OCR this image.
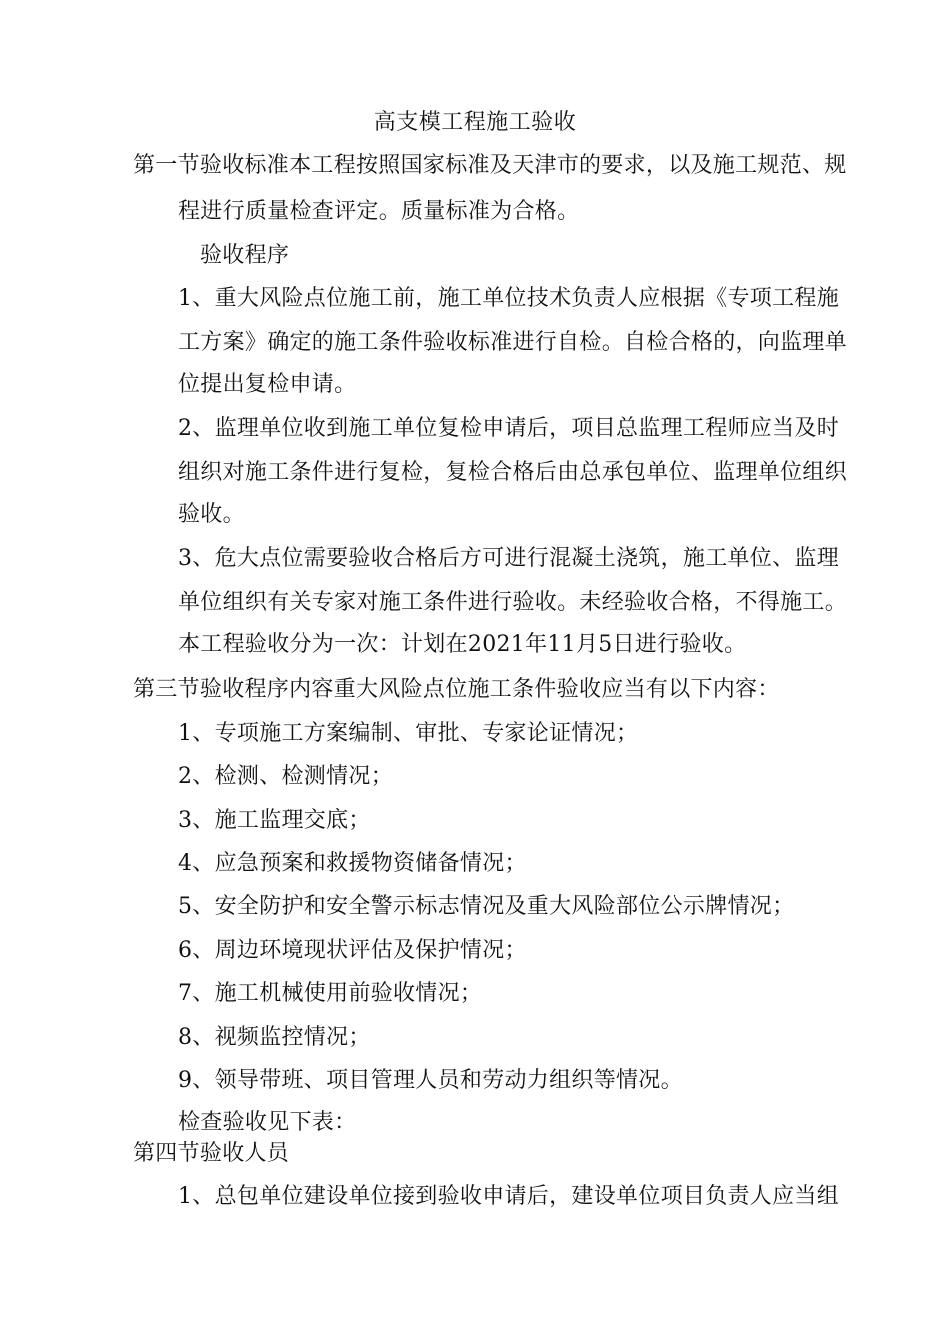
高支模工程施工验收
第一节验收标准本工程按照国家标准及天津市的要求，以及施工规范、规
程进行质量检查评定。质量标准为合格。
验收程序
1、重大风险点位施工前，施工单位技术负责人应根据《专项工程施
工方案》确定的施工条件验收标准进行自检。自检合格的，向监理单
位提出复检申请。
2、监理单位收到施工单位复检申请后，项目总监理工程师应当及时
组织对施工条件进行复检，复检合格后由总承包单位、监理单位组织
验收。
3、危大点位需要验收合格后方可进行混凝土浇筑，施工单位、监理
单位组织有关专家对施工条件进行验收。未经验收合格，不得施工。
本工程验收分为一次：计划在2021年11月5日进行验收。
第三节验收程序内容重大风险点位施工条件验收应当有以下内容：
1、专项施工方案编制、审批、专家论证情况；
2、检测、检测情况；
3、施工监理交底；
4、应急预案和救援物资储备情况；
5、安全防护和安全警示标志情况及重大风险部位公示牌情况；
6、周边环境现状评估及保护情况；
7、施工机械使用前验收情况；
8、视频监控情况；
9、领导带班、项目管理人员和劳动力组织等情况。
检查验收见下表：
第四节验收人员
1、总包单位建设单位接到验收申请后，建设单位项目负责人应当组
